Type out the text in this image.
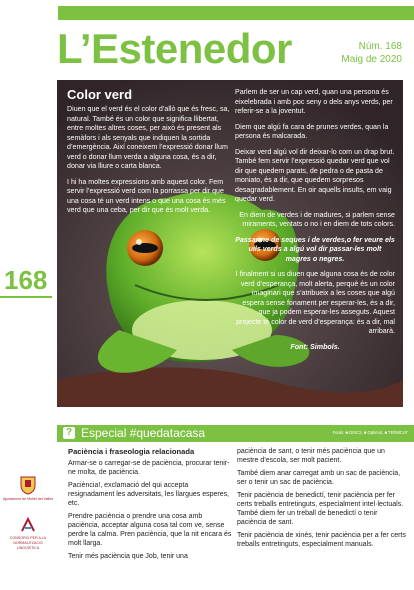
L’Estenedor	Núm. 168
Maig de 2020
Color verd

Diuen que el verd és el color d’allò que és fresc, sa, natural. També és un color que significa llibertat, entre moltes altres coses, per això és present als semàfors i als senyals que indiquen la sortida d’emergència. Així coneixem l’expressió donar llum verd o donar llum verda a alguna cosa, és a dir, donar via lliure o carta blanca.

I hi ha moltes expressions amb aquest color. Fem servir l’expressió verd com la porrassa per dir que una cosa té un verd intens o que una cosa és més verd que una ceba, per dir que és molt verda.

Parlem de ser un cap verd, quan una persona és eixelebrada i amb poc seny o dels anys verds, per referir-se a la joventut.

Diem que algú fa cara de prunes verdes, quan la persona és malcarada.

Deixar verd algú vol dir deixar-lo com un drap brut. També fem servir l’expressió quedar verd que vol dir que quedem parats, de pedra o de pasta de moniato, és a dir, que quedem sorpresos desagradablement. En oir aquells insults, em vaig quedar verd.

En diem de verdes i de madures, si parlem sense miraments, veritats o no i en diem de tots colors.

Passar-ne de seques i de verdes,o fer veure els uils verds a algú vol dir passar-les molt magres o negres.

I finalment si us diuen que alguna cosa és de color verd d’esperança, molt alerta, perquè és un color imaginari que s’atribueix a les coses que algú espera sense fonament per esperar-les, és a dir, que ja podem esperar-les asseguts. Aquest projecte té color de verd d’esperança: és a dir, mal arribarà.

Font: Simbols.

168
Ajuntament de Mollet del Vallès
CONSORCI PER A LA NORMALITZACIÓ LINGÜÍSTICA
? Especial #quedatacasa	Fonts: ■ DISC2, ■ Optimot, ■ TERMCAT
Paciència i fraseologia relacionada

Armar-se o carregar-se de paciència, procurar tenir-ne molta, de paciència.

Paciència!, exclamació del qui accepta resignadament les adversitats, les llargues esperes, etc.

Prendre paciència o prendre una cosa amb paciència, acceptar alguna cosa tal com ve, sense perdre la calma. Pren paciència, que la nit encara és molt llarga.

Tenir més paciència que Job, tenir una

paciència de sant, o tenir més paciència que un mestre d’escola, ser molt pacient.

També diem anar carregat amb un sac de paciència, ser o tenir un sac de paciència.

Tenir paciència de benedictí, tenir paciència per fer certs treballs entretinguts, especialment intel·lectuals. També diem fer un treball de benedictí o tenir paciència de sant.

Tenir paciència de xinès, tenir paciència per a fer certs treballs entretinguts, especialment manuals.
